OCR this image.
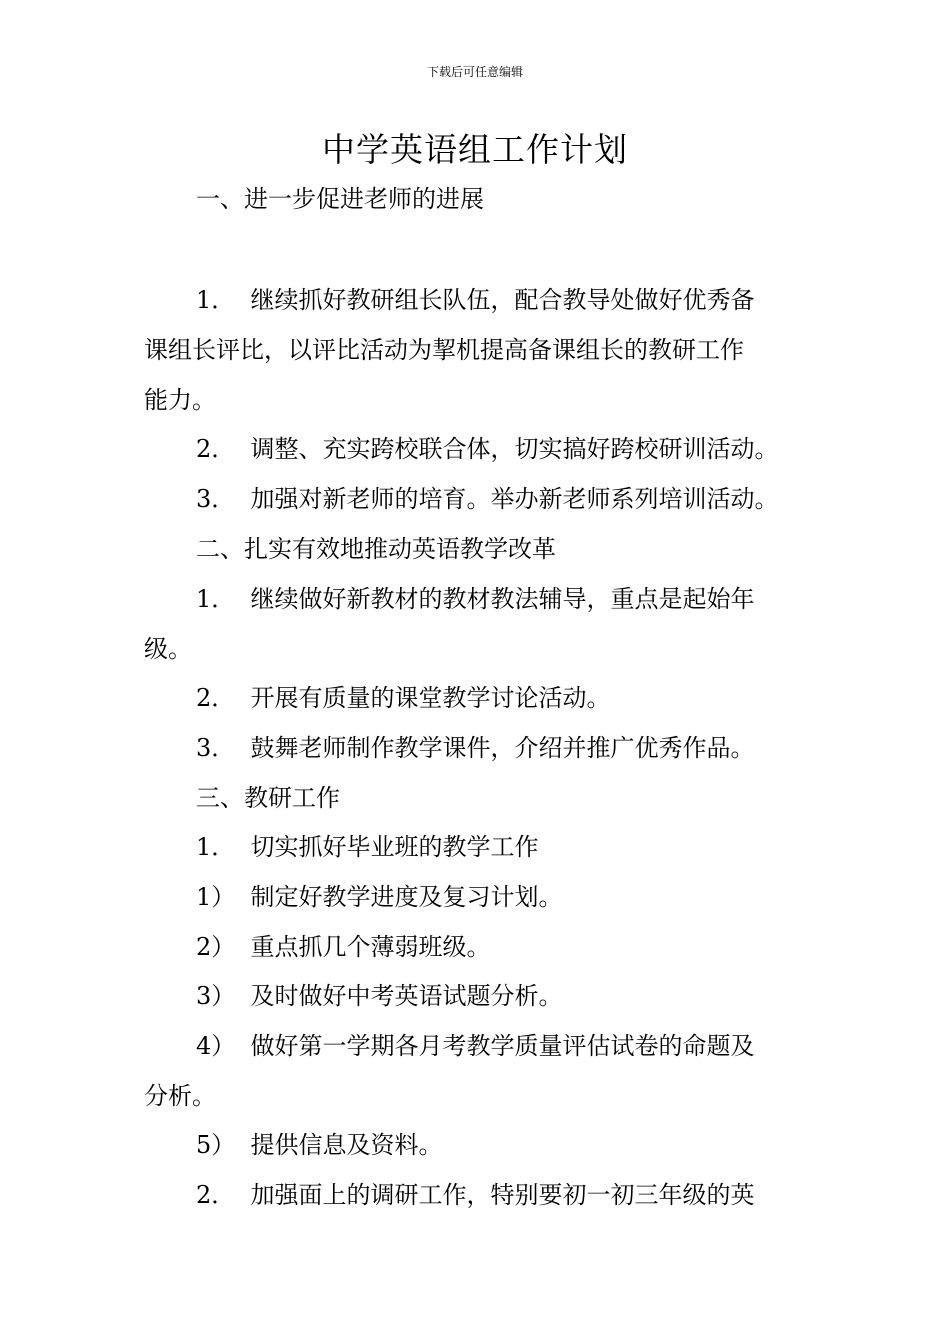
下载后可任意编辑
中学英语组工作计划
一、进一步促进老师的进展
1．  继续抓好教研组长队伍，配合教导处做好优秀备
课组长评比，以评比活动为挈机提高备课组长的教研工作
能力。
2．  调整、充实跨校联合体，切实搞好跨校研训活动。
3．  加强对新老师的培育。举办新老师系列培训活动。
二、扎实有效地推动英语教学改革
1．  继续做好新教材的教材教法辅导，重点是起始年
级。
2．  开展有质量的课堂教学讨论活动。
3．  鼓舞老师制作教学课件，介绍并推广优秀作品。
三、教研工作
1．  切实抓好毕业班的教学工作
1）  制定好教学进度及复习计划。
2）  重点抓几个薄弱班级。
3）  及时做好中考英语试题分析。
4）  做好第一学期各月考教学质量评估试卷的命题及
分析。
5）  提供信息及资料。
2．  加强面上的调研工作，特别要初一初三年级的英
